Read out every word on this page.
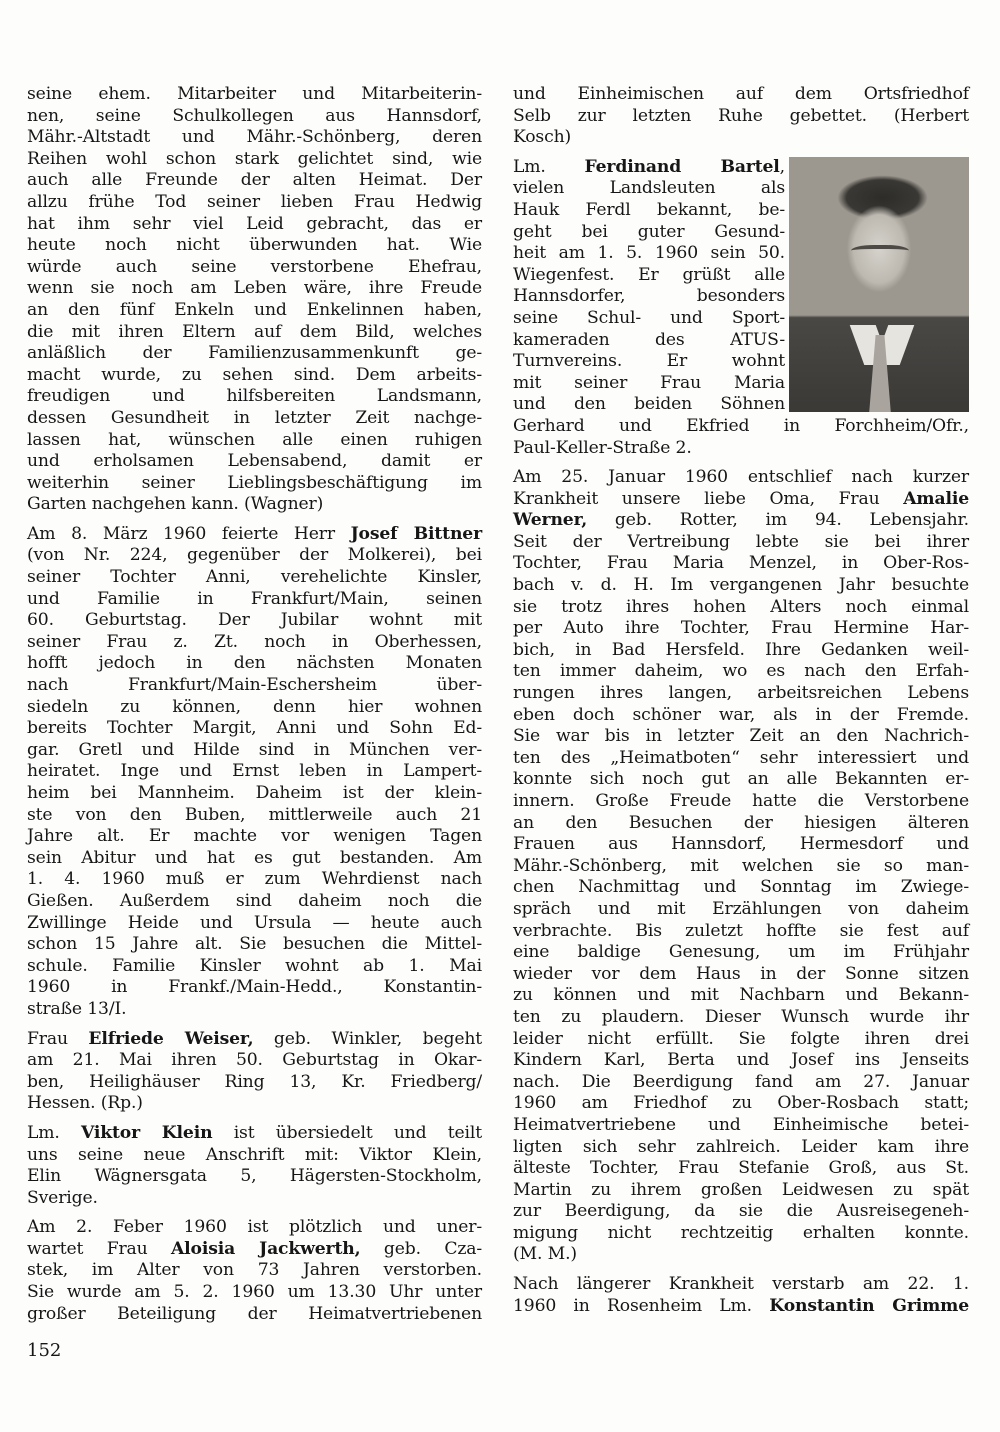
seine ehem. Mitarbeiter und Mitarbeiterin-
nen, seine Schulkollegen aus Hannsdorf,
Mähr.-Altstadt und Mähr.-Schönberg, deren
Reihen wohl schon stark gelichtet sind, wie
auch alle Freunde der alten Heimat. Der
allzu frühe Tod seiner lieben Frau Hedwig
hat ihm sehr viel Leid gebracht, das er
heute noch nicht überwunden hat. Wie
würde auch seine verstorbene Ehefrau,
wenn sie noch am Leben wäre, ihre Freude
an den fünf Enkeln und Enkelinnen haben,
die mit ihren Eltern auf dem Bild, welches
anläßlich der Familienzusammenkunft ge-
macht wurde, zu sehen sind. Dem arbeits-
freudigen und hilfsbereiten Landsmann,
dessen Gesundheit in letzter Zeit nachge-
lassen hat, wünschen alle einen ruhigen
und erholsamen Lebensabend, damit er
weiterhin seiner Lieblingsbeschäftigung im
Garten nachgehen kann. (Wagner)
Am 8. März 1960 feierte Herr Josef Bittner
(von Nr. 224, gegenüber der Molkerei), bei
seiner Tochter Anni, verehelichte Kinsler,
und Familie in Frankfurt/Main, seinen
60. Geburtstag. Der Jubilar wohnt mit
seiner Frau z. Zt. noch in Oberhessen,
hofft jedoch in den nächsten Monaten
nach Frankfurt/Main-Eschersheim über-
siedeln zu können, denn hier wohnen
bereits Tochter Margit, Anni und Sohn Ed-
gar. Gretl und Hilde sind in München ver-
heiratet. Inge und Ernst leben in Lampert-
heim bei Mannheim. Daheim ist der klein-
ste von den Buben, mittlerweile auch 21
Jahre alt. Er machte vor wenigen Tagen
sein Abitur und hat es gut bestanden. Am
1. 4. 1960 muß er zum Wehrdienst nach
Gießen. Außerdem sind daheim noch die
Zwillinge Heide und Ursula — heute auch
schon 15 Jahre alt. Sie besuchen die Mittel-
schule. Familie Kinsler wohnt ab 1. Mai
1960 in Frankf./Main-Hedd., Konstantin-
straße 13/I.
Frau Elfriede Weiser, geb. Winkler, begeht
am 21. Mai ihren 50. Geburtstag in Okar-
ben, Heilighäuser Ring 13, Kr. Friedberg/
Hessen. (Rp.)
Lm. Viktor Klein ist übersiedelt und teilt
uns seine neue Anschrift mit: Viktor Klein,
Elin Wägnersgata 5, Hägersten-Stockholm,
Sverige.
Am 2. Feber 1960 ist plötzlich und uner-
wartet Frau Aloisia Jackwerth, geb. Cza-
stek, im Alter von 73 Jahren verstorben.
Sie wurde am 5. 2. 1960 um 13.30 Uhr unter
großer Beteiligung der Heimatvertriebenen
und Einheimischen auf dem Ortsfriedhof
Selb zur letzten Ruhe gebettet. (Herbert
Kosch)
Lm. Ferdinand Bartel,
vielen Landsleuten als
Hauk Ferdl bekannt, be-
geht bei guter Gesund-
heit am 1. 5. 1960 sein 50.
Wiegenfest. Er grüßt alle
Hannsdorfer, besonders
seine Schul- und Sport-
kameraden des ATUS-
Turnvereins. Er wohnt
mit seiner Frau Maria
und den beiden Söhnen
Gerhard und Ekfried in Forchheim/Ofr.,
Paul-Keller-Straße 2.
Am 25. Januar 1960 entschlief nach kurzer
Krankheit unsere liebe Oma, Frau Amalie
Werner, geb. Rotter, im 94. Lebensjahr.
Seit der Vertreibung lebte sie bei ihrer
Tochter, Frau Maria Menzel, in Ober-Ros-
bach v. d. H. Im vergangenen Jahr besuchte
sie trotz ihres hohen Alters noch einmal
per Auto ihre Tochter, Frau Hermine Har-
bich, in Bad Hersfeld. Ihre Gedanken weil-
ten immer daheim, wo es nach den Erfah-
rungen ihres langen, arbeitsreichen Lebens
eben doch schöner war, als in der Fremde.
Sie war bis in letzter Zeit an den Nachrich-
ten des „Heimatboten“ sehr interessiert und
konnte sich noch gut an alle Bekannten er-
innern. Große Freude hatte die Verstorbene
an den Besuchen der hiesigen älteren
Frauen aus Hannsdorf, Hermesdorf und
Mähr.-Schönberg, mit welchen sie so man-
chen Nachmittag und Sonntag im Zwiege-
spräch und mit Erzählungen von daheim
verbrachte. Bis zuletzt hoffte sie fest auf
eine baldige Genesung, um im Frühjahr
wieder vor dem Haus in der Sonne sitzen
zu können und mit Nachbarn und Bekann-
ten zu plaudern. Dieser Wunsch wurde ihr
leider nicht erfüllt. Sie folgte ihren drei
Kindern Karl, Berta und Josef ins Jenseits
nach. Die Beerdigung fand am 27. Januar
1960 am Friedhof zu Ober-Rosbach statt;
Heimatvertriebene und Einheimische betei-
ligten sich sehr zahlreich. Leider kam ihre
älteste Tochter, Frau Stefanie Groß, aus St.
Martin zu ihrem großen Leidwesen zu spät
zur Beerdigung, da sie die Ausreisegeneh-
migung nicht rechtzeitig erhalten konnte.
(M. M.)
Nach längerer Krankheit verstarb am 22. 1.
1960 in Rosenheim Lm. Konstantin Grimme
152
